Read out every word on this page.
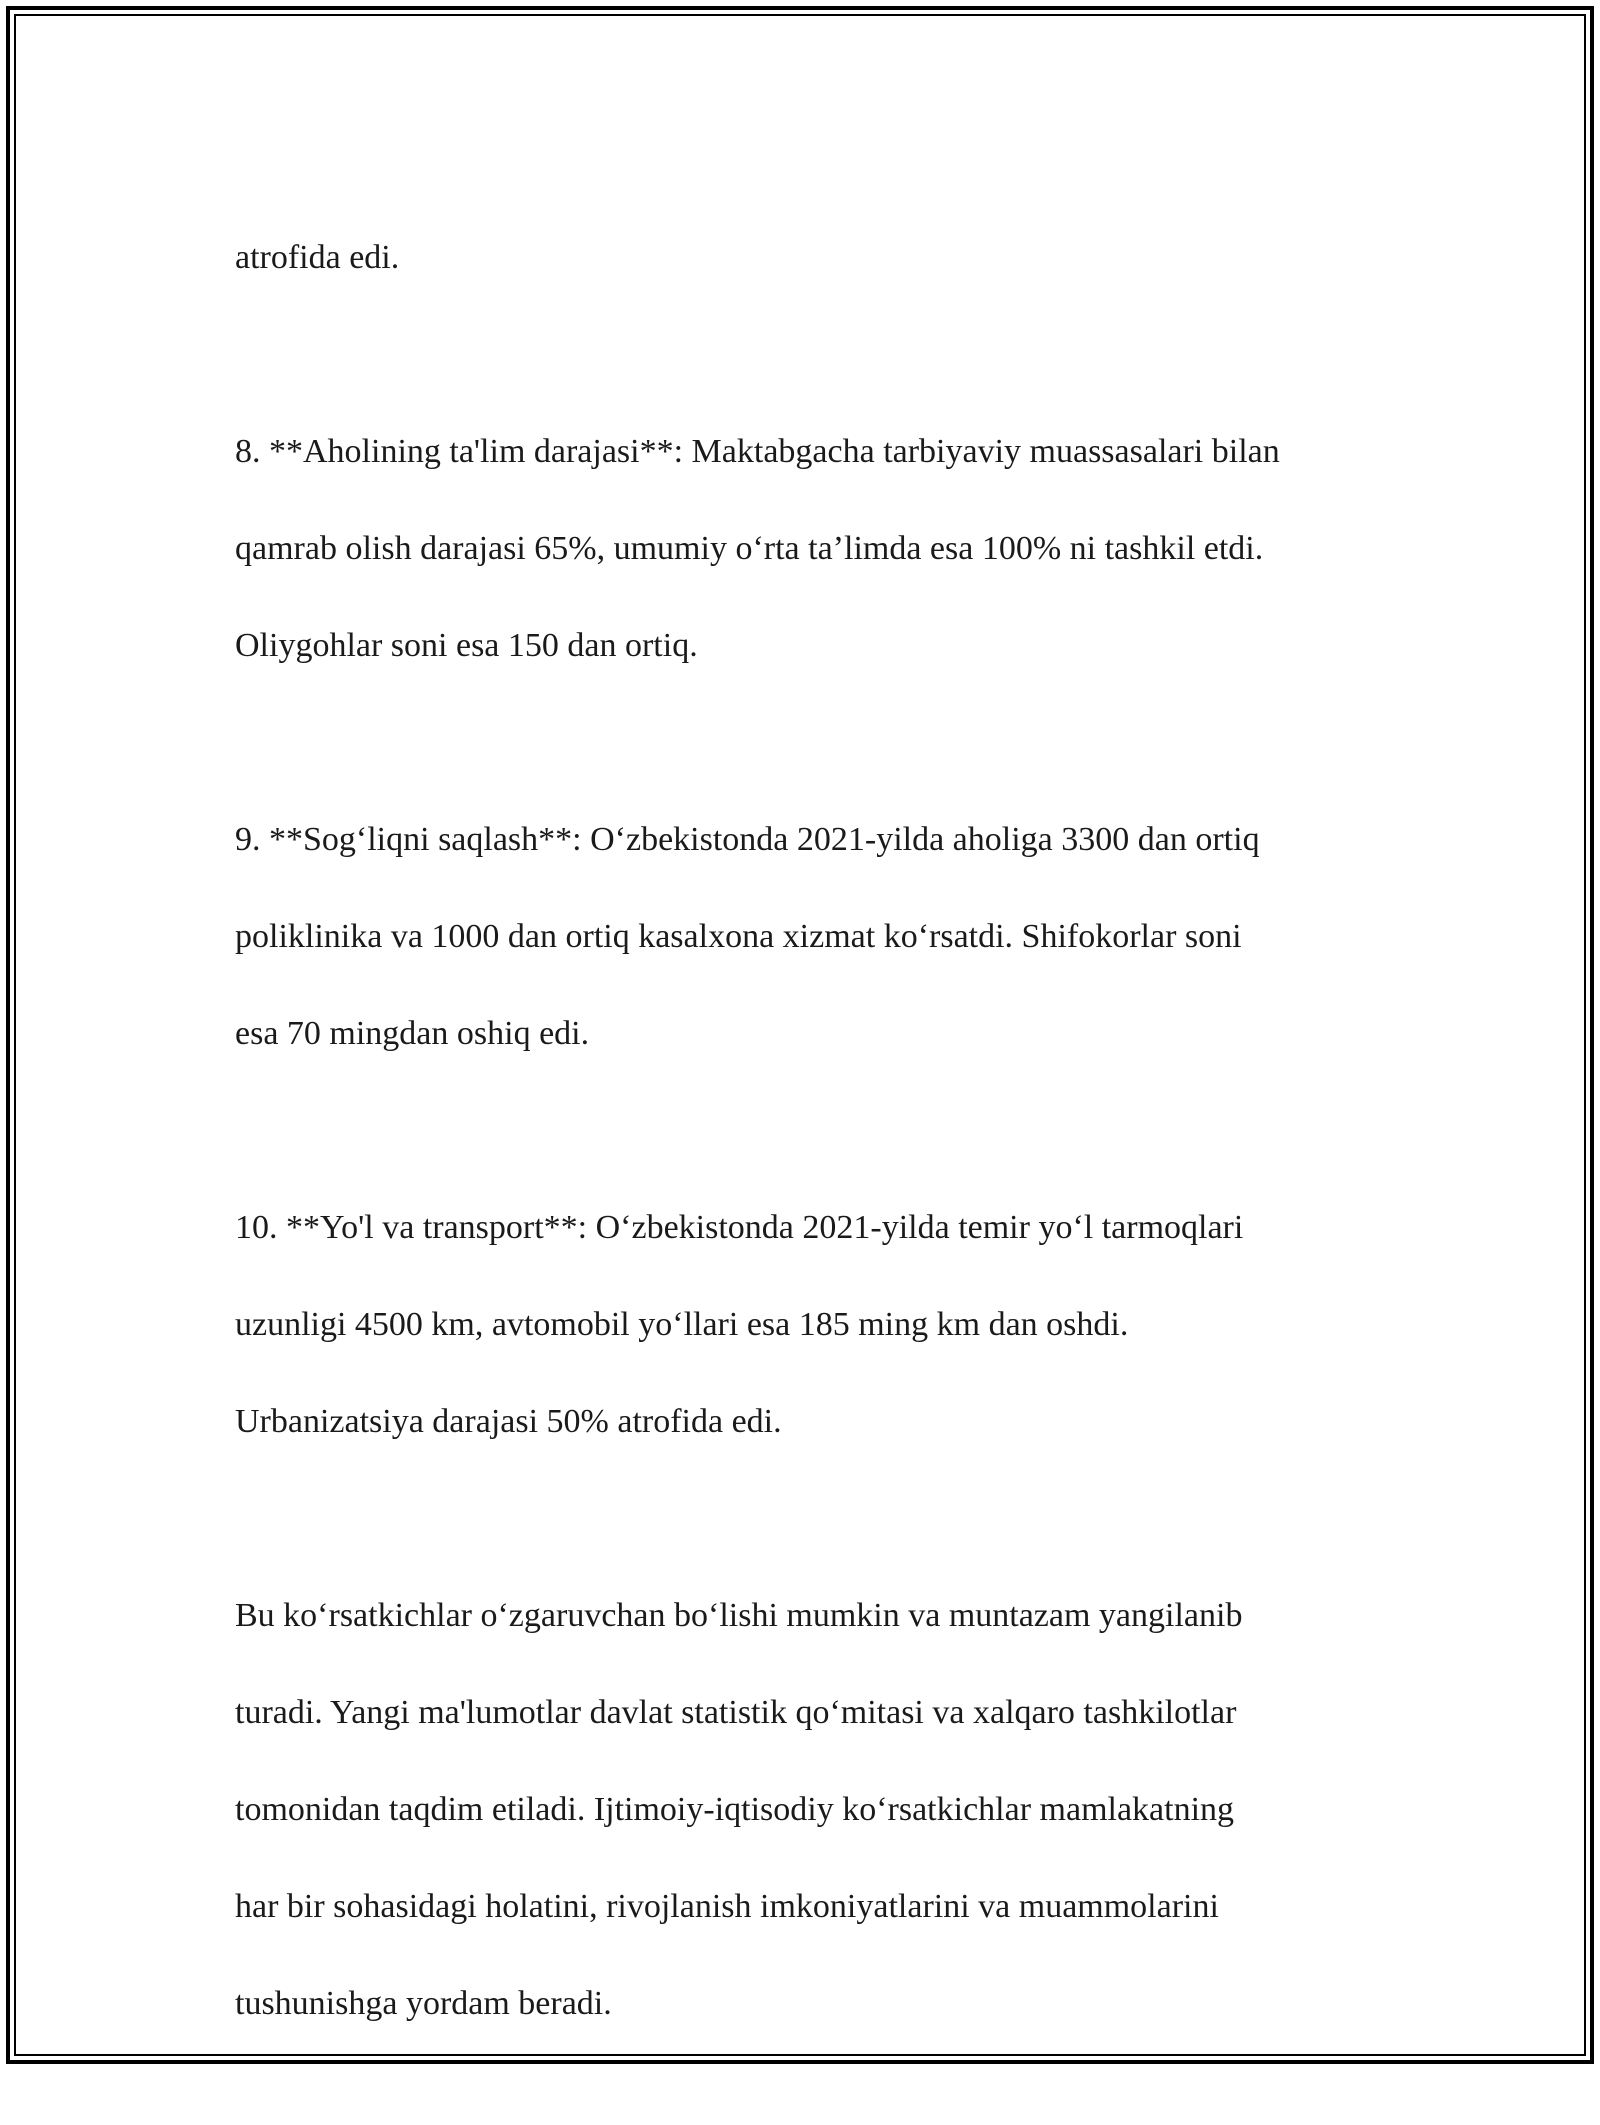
atrofida edi.

8. **Aholining ta'lim darajasi**: Maktabgacha tarbiyaviy muassasalari bilan

qamrab olish darajasi 65%, umumiy o‘rta ta’limda esa 100% ni tashkil etdi.

Oliygohlar soni esa 150 dan ortiq.

9. **Sog‘liqni saqlash**: O‘zbekistonda 2021-yilda aholiga 3300 dan ortiq

poliklinika va 1000 dan ortiq kasalxona xizmat ko‘rsatdi. Shifokorlar soni

esa 70 mingdan oshiq edi.

10. **Yo'l va transport**: O‘zbekistonda 2021-yilda temir yo‘l tarmoqlari

uzunligi 4500 km, avtomobil yo‘llari esa 185 ming km dan oshdi.

Urbanizatsiya darajasi 50% atrofida edi.

Bu ko‘rsatkichlar o‘zgaruvchan bo‘lishi mumkin va muntazam yangilanib

turadi. Yangi ma'lumotlar davlat statistik qo‘mitasi va xalqaro tashkilotlar

tomonidan taqdim etiladi. Ijtimoiy-iqtisodiy ko‘rsatkichlar mamlakatning

har bir sohasidagi holatini, rivojlanish imkoniyatlarini va muammolarini

tushunishga yordam beradi.
